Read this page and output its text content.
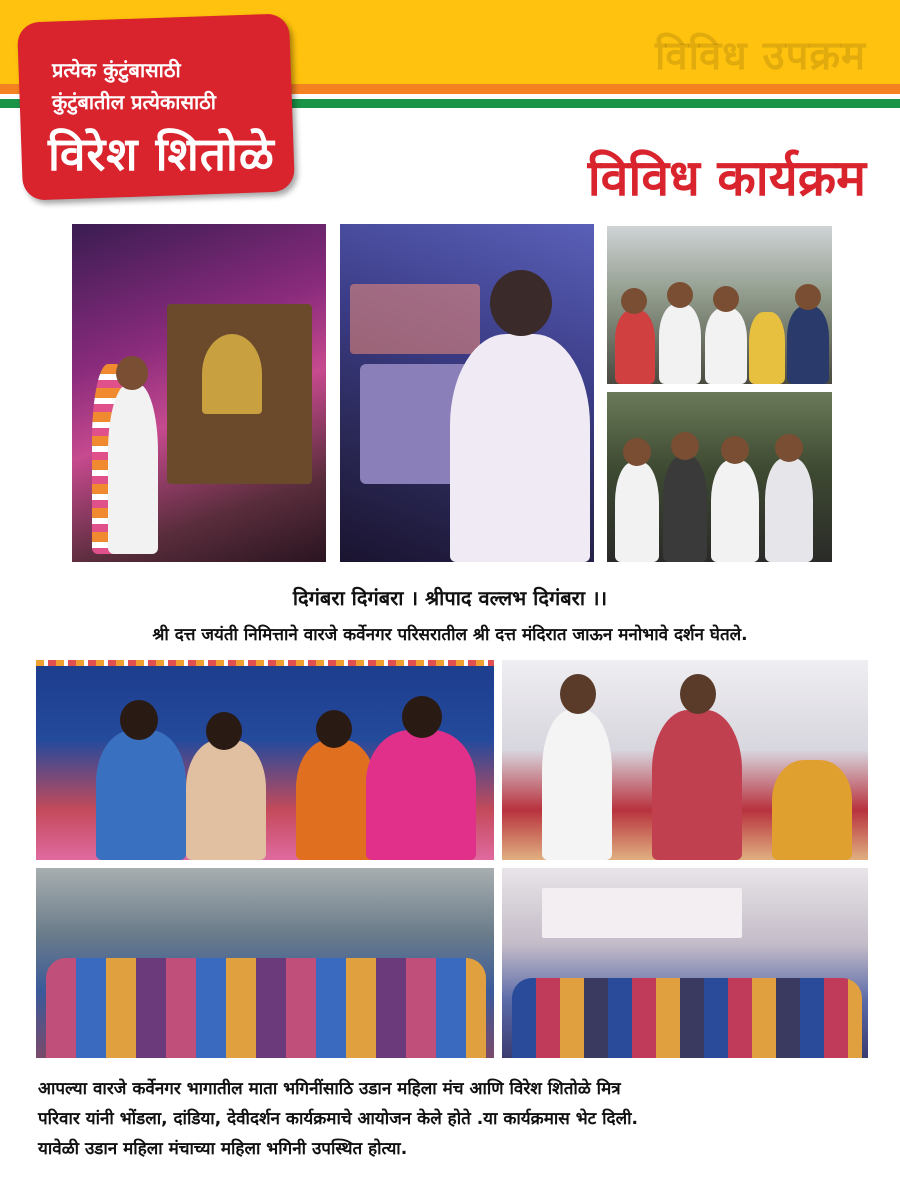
विविध उपक्रम
प्रत्येक कुंटुंबासाठी
कुंटुंबातील प्रत्येकासाठी
विरेश शितोळे	विविध कार्यक्रम
दिगंबरा दिगंबरा । श्रीपाद वल्लभ दिगंबरा ।।
श्री दत्त जयंती निमित्ताने वारजे कर्वेनगर परिसरातील श्री दत्त मंदिरात जाऊन मनोभावे दर्शन घेतले.
आपल्या वारजे कर्वेनगर भागातील माता भगिनींसाठि उडान महिला मंच आणि विरेश शितोळे मित्र
परिवार यांनी भोंडला, दांडिया, देवीदर्शन कार्यक्रमाचे आयोजन केले होते .या कार्यक्रमास भेट दिली.
यावेळी उडान महिला मंचाच्या महिला भगिनी उपस्थित होत्या.
